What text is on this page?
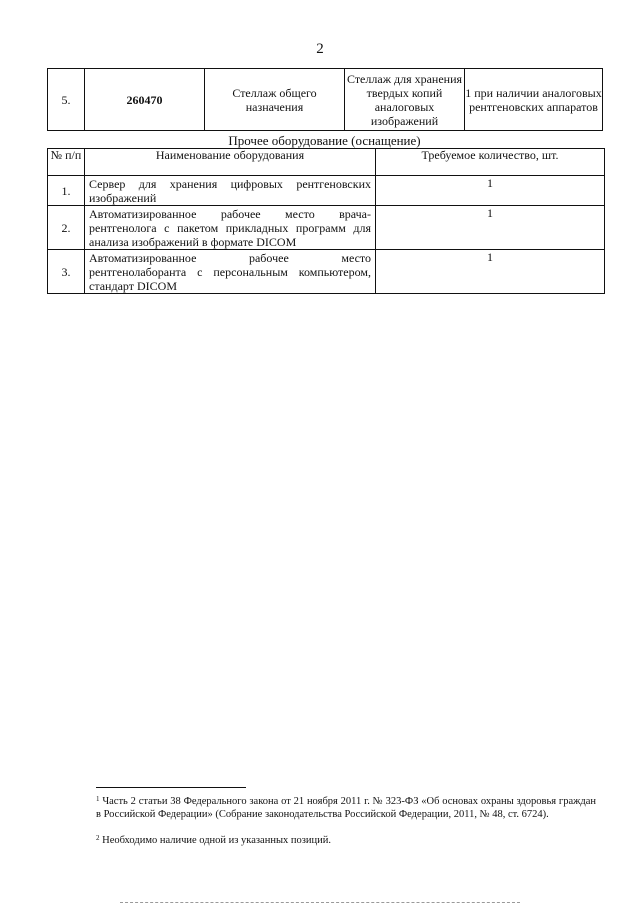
2
5.	260470	Стеллаж общего назначения	Стеллаж для хранения твердых копий аналоговых изображений	1 при наличии аналоговых рентгеновских аппаратов
Прочее оборудование (оснащение)
№ п/п	Наименование оборудования	Требуемое количество, шт.
1.	Сервер для хранения цифровых рентгеновских изображений	1
2.	Автоматизированное рабочее место врача-рентгенолога с пакетом прикладных программ для анализа изображений в формате DICOM	1
3.	Автоматизированное рабочее место рентгенолаборанта с персональным компьютером, стандарт DICOM	1
$^1$ Часть 2 статьи 38 Федерального закона от 21 ноября 2011 г. № 323-ФЗ «Об основах охраны здоровья граждан в Российской Федерации» (Собрание законодательства Российской Федерации, 2011, № 48, ст. 6724).
$^2$ Необходимо наличие одной из указанных позиций.
